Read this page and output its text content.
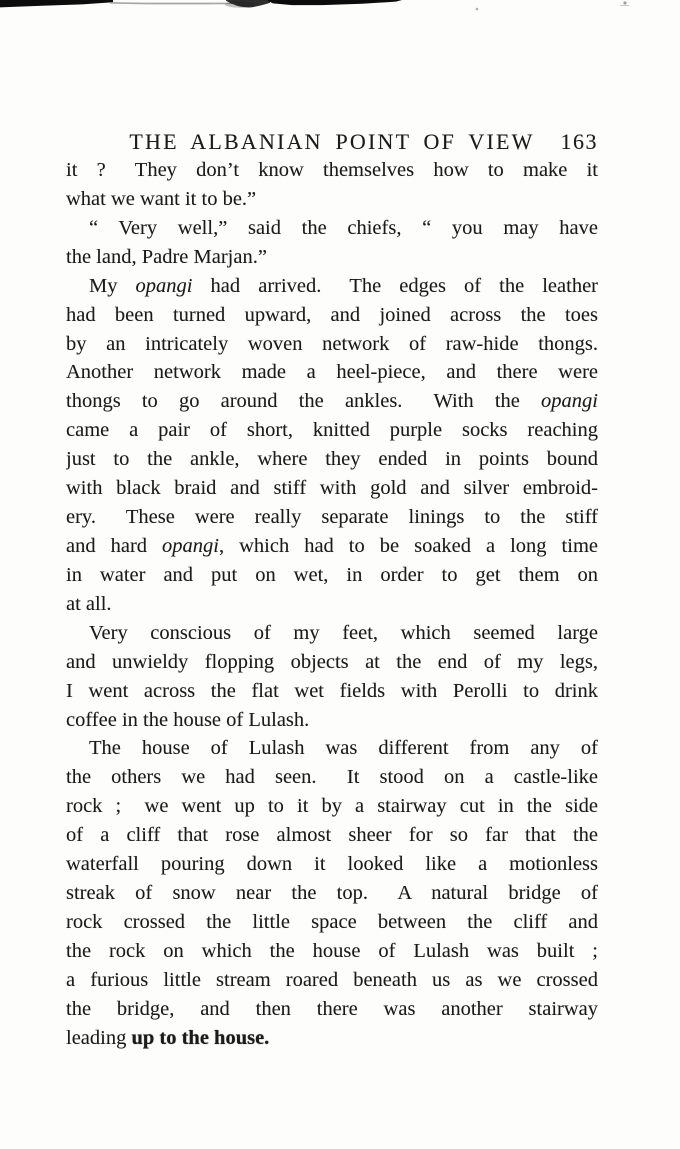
THE ALBANIAN POINT OF VIEW	163
it ?  They don’t know themselves how to make it
what we want it to be.”
“ Very well,” said the chiefs, “ you may have
the land, Padre Marjan.”
My opangi had arrived.  The edges of the leather
had been turned upward, and joined across the toes
by an intricately woven network of raw-hide thongs.
Another network made a heel-piece, and there were
thongs to go around the ankles.  With the opangi
came a pair of short, knitted purple socks reaching
just to the ankle, where they ended in points bound
with black braid and stiff with gold and silver embroid-
ery.  These were really separate linings to the stiff
and hard opangi, which had to be soaked a long time
in water and put on wet, in order to get them on
at all.
Very conscious of my feet, which seemed large
and unwieldy flopping objects at the end of my legs,
I went across the flat wet fields with Perolli to drink
coffee in the house of Lulash.
The house of Lulash was different from any of
the others we had seen.  It stood on a castle-like
rock ;  we went up to it by a stairway cut in the side
of a cliff that rose almost sheer for so far that the
waterfall pouring down it looked like a motionless
streak of snow near the top.  A natural bridge of
rock crossed the little space between the cliff and
the rock on which the house of Lulash was built ;
a furious little stream roared beneath us as we crossed
the bridge, and then there was another stairway
leading up to the house.
